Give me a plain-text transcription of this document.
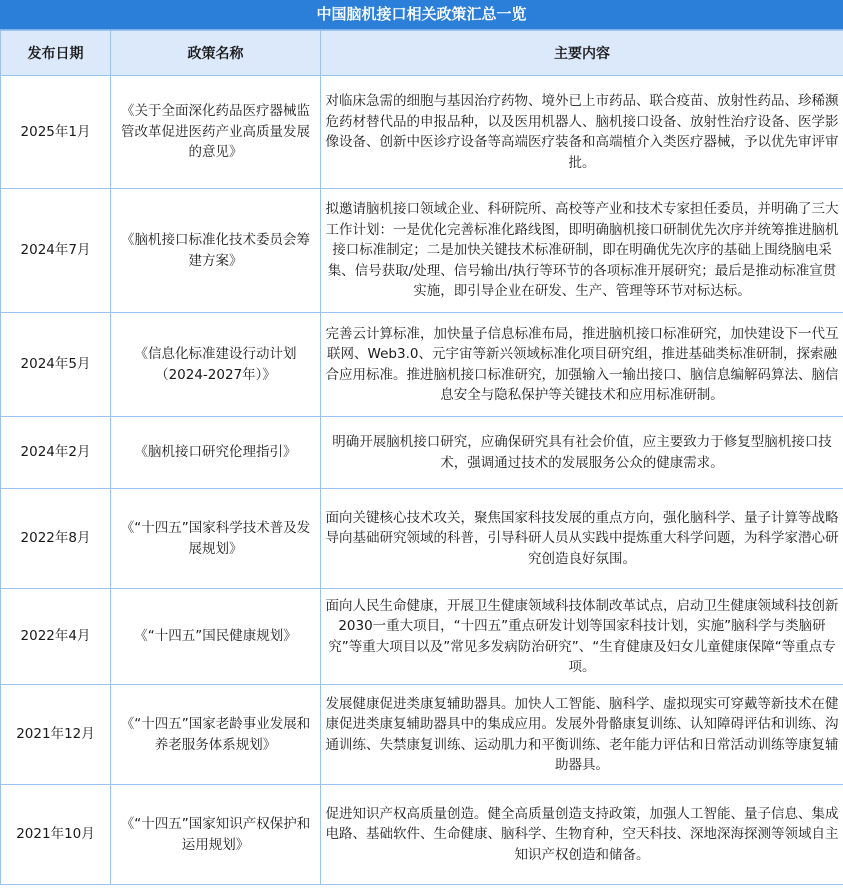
中国脑机接口相关政策汇总一览
发布日期	政策名称	主要内容
2025年1月	《关于全面深化药品医疗器械监管改革促进医药产业高质量发展的意见》	对临床急需的细胞与基因治疗药物、境外已上市药品、联合疫苗、放射性药品、珍稀濒危药材替代品的申报品种，以及医用机器人、脑机接口设备、放射性治疗设备、医学影像设备、创新中医诊疗设备等高端医疗装备和高端植介入类医疗器械，予以优先审评审批。
2024年7月	《脑机接口标准化技术委员会筹建方案》	拟邀请脑机接口领域企业、科研院所、高校等产业和技术专家担任委员，并明确了三大工作计划：一是优化完善标准化路线图，即明确脑机接口研制优先次序并统筹推进脑机接口标准制定；二是加快关键技术标准研制，即在明确优先次序的基础上围绕脑电采集、信号获取/处理、信号输出/执行等环节的各项标准开展研究；最后是推动标准宣贯实施，即引导企业在研发、生产、管理等环节对标达标。
2024年5月	《信息化标准建设行动计划（2024-2027年）》	完善云计算标准，加快量子信息标准布局，推进脑机接口标准研究，加快建设下一代互联网、Web3.0、元宇宙等新兴领域标准化项目研究组，推进基础类标准研制，探索融合应用标准。推进脑机接口标准研究，加强输入一输出接口、脑信息编解码算法、脑信息安全与隐私保护等关键技术和应用标准研制。
2024年2月	《脑机接口研究伦理指引》	明确开展脑机接口研究，应确保研究具有社会价值，应主要致力于修复型脑机接口技术，强调通过技术的发展服务公众的健康需求。
2022年8月	《“十四五”国家科学技术普及发展规划》	面向关键核心技术攻关，聚焦国家科技发展的重点方向，强化脑科学、量子计算等战略导向基础研究领域的科普，引导科研人员从实践中提炼重大科学问题，为科学家潜心研究创造良好氛围。
2022年4月	《“十四五”国民健康规划》	面向人民生命健康，开展卫生健康领域科技体制改革试点，启动卫生健康领域科技创新2030一重大项目，“十四五”重点研发计划等国家科技计划，实施”脑科学与类脑研究”等重大项目以及”常见多发病防治研究”、“生育健康及妇女儿童健康保障“等重点专项。
2021年12月	《“十四五”国家老龄事业发展和养老服务体系规划》	发展健康促进类康复辅助器具。加快人工智能、脑科学、虚拟现实可穿戴等新技术在健康促进类康复辅助器具中的集成应用。发展外骨骼康复训练、认知障碍评估和训练、沟通训练、失禁康复训练、运动肌力和平衡训练、老年能力评估和日常活动训练等康复辅助器具。
2021年10月	《“十四五”国家知识产权保护和运用规划》	促进知识产权高质量创造。健全高质量创造支持政策，加强人工智能、量子信息、集成电路、基础软件、生命健康、脑科学、生物育种，空天科技、深地深海探测等领域自主知识产权创造和储备。
